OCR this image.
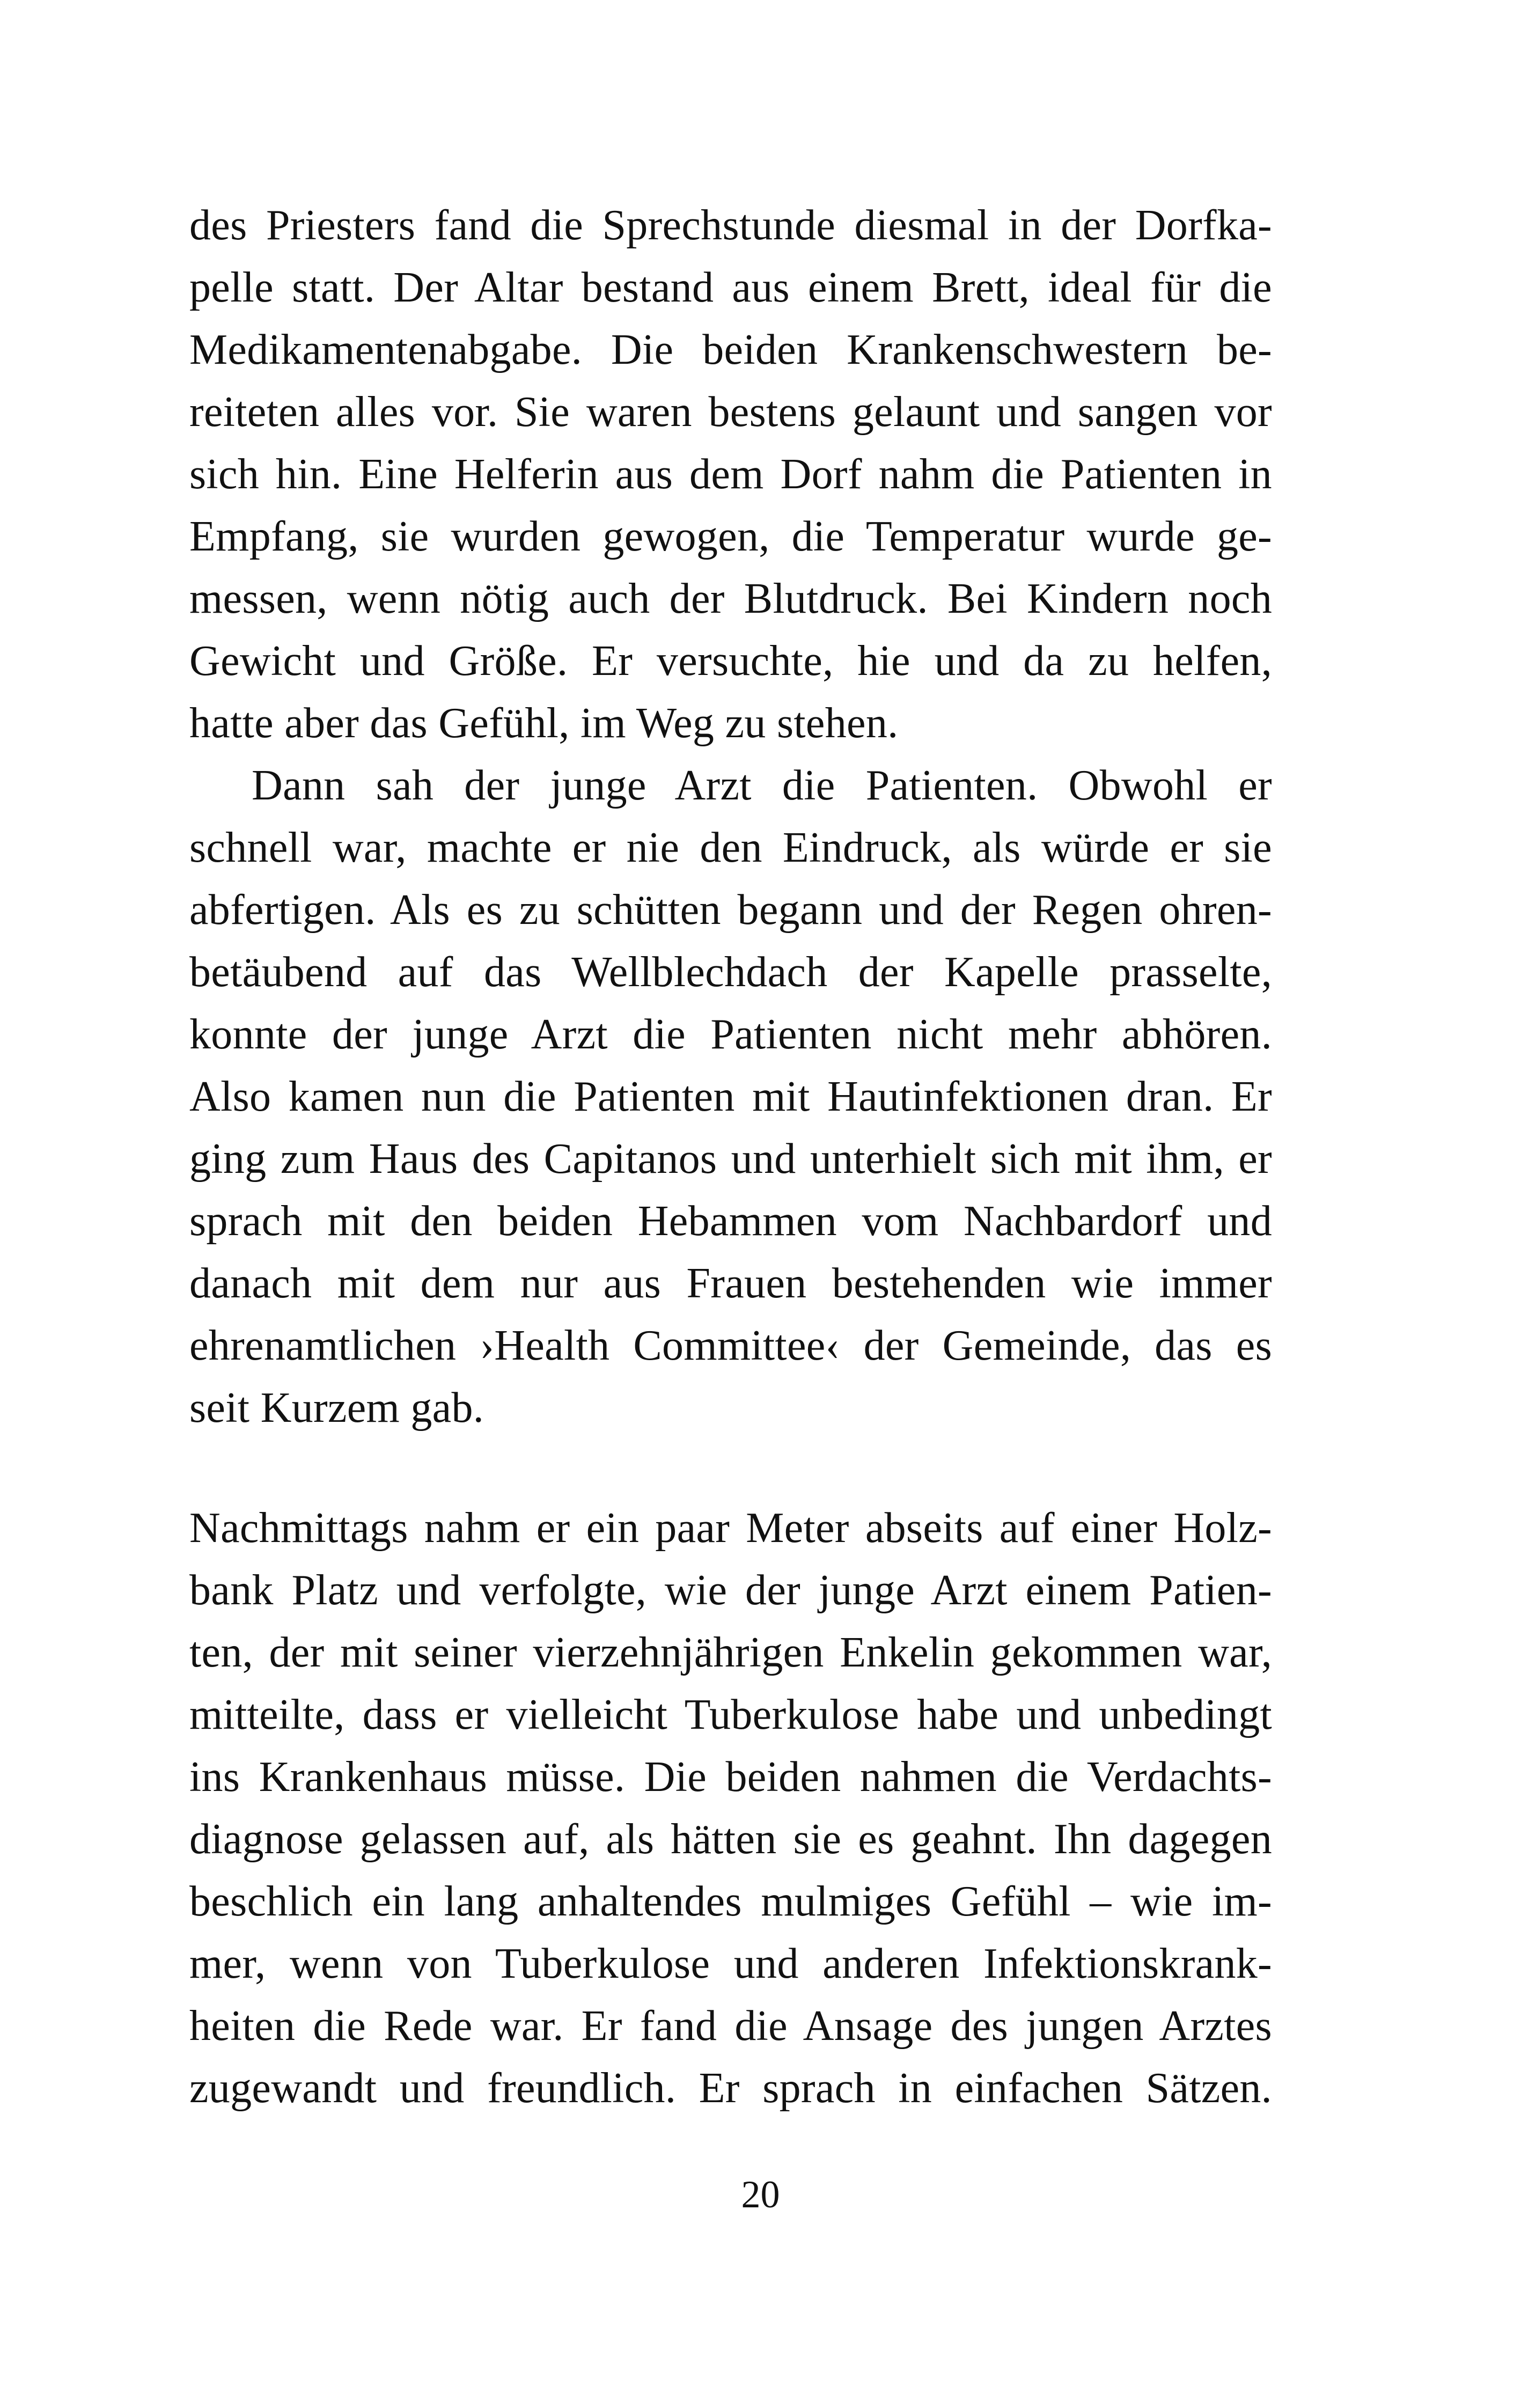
des Priesters fand die Sprechstunde diesmal in der Dorfka-
pelle statt. Der Altar bestand aus einem Brett, ideal für die
Medikamentenabgabe. Die beiden Krankenschwestern be-
reiteten alles vor. Sie waren bestens gelaunt und sangen vor
sich hin. Eine Helferin aus dem Dorf nahm die Patienten in
Empfang, sie wurden gewogen, die Temperatur wurde ge-
messen, wenn nötig auch der Blutdruck. Bei Kindern noch
Gewicht und Größe. Er versuchte, hie und da zu helfen,
hatte aber das Gefühl, im Weg zu stehen.
Dann sah der junge Arzt die Patienten. Obwohl er
schnell war, machte er nie den Eindruck, als würde er sie
abfertigen. Als es zu schütten begann und der Regen ohren-
betäubend auf das Wellblechdach der Kapelle prasselte,
konnte der junge Arzt die Patienten nicht mehr abhören.
Also kamen nun die Patienten mit Hautinfektionen dran. Er
ging zum Haus des Capitanos und unterhielt sich mit ihm, er
sprach mit den beiden Hebammen vom Nachbardorf und
danach mit dem nur aus Frauen bestehenden wie immer
ehrenamtlichen ›Health Committee‹ der Gemeinde, das es
seit Kurzem gab.
Nachmittags nahm er ein paar Meter abseits auf einer Holz-
bank Platz und verfolgte, wie der junge Arzt einem Patien-
ten, der mit seiner vierzehnjährigen Enkelin gekommen war,
mitteilte, dass er vielleicht Tuberkulose habe und unbedingt
ins Krankenhaus müsse. Die beiden nahmen die Verdachts-
diagnose gelassen auf, als hätten sie es geahnt. Ihn dagegen
beschlich ein lang anhaltendes mulmiges Gefühl – wie im-
mer, wenn von Tuberkulose und anderen Infektionskrank-
heiten die Rede war. Er fand die Ansage des jungen Arztes
zugewandt und freundlich. Er sprach in einfachen Sätzen.
20
